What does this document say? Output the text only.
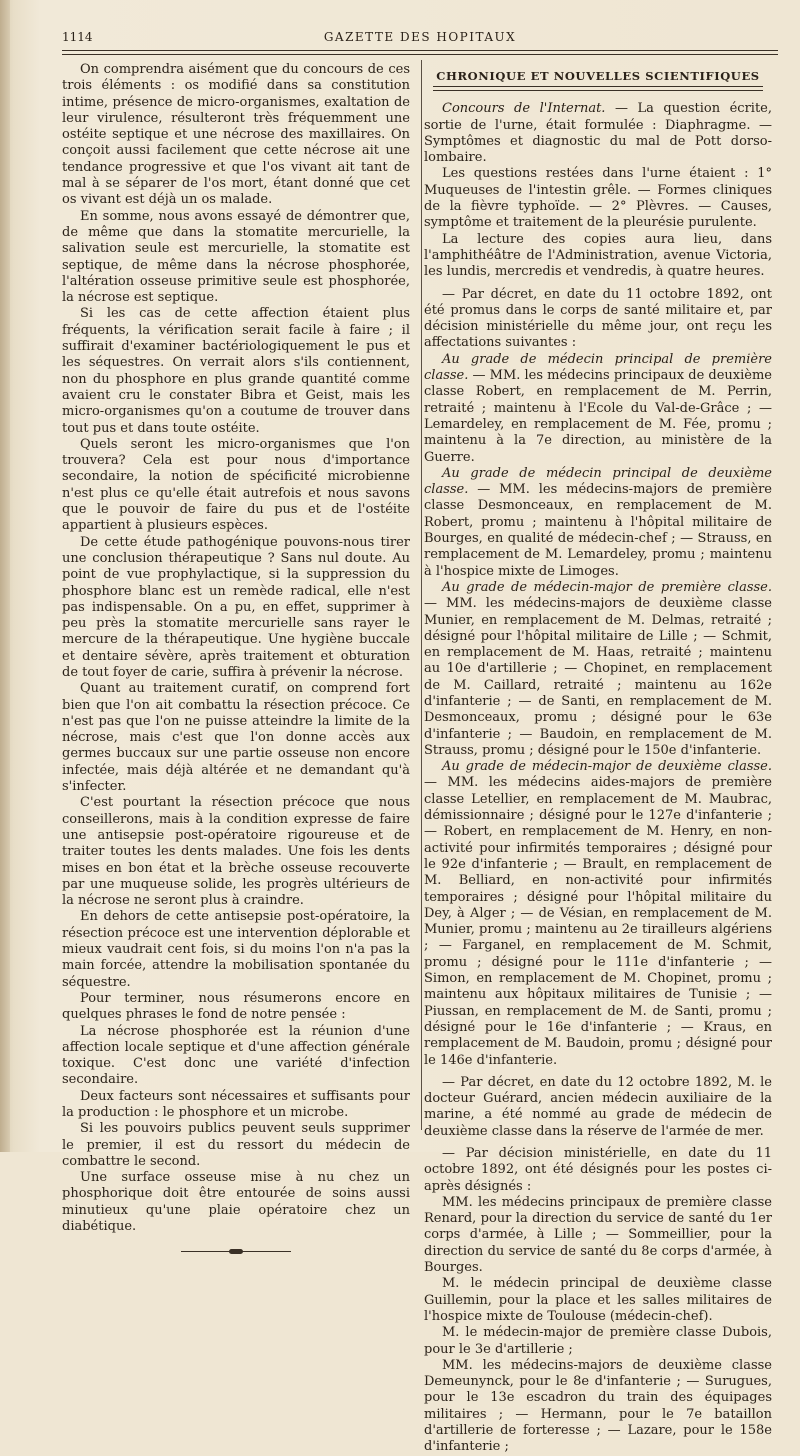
1114	GAZETTE DES HOPITAUX

On comprendra aisément que du concours de ces trois éléments : os modifié dans sa constitution intime, présence de micro-organismes, exaltation de leur virulence, résulteront très fréquemment une ostéite septique et une nécrose des maxillaires. On conçoit aussi facilement que cette nécrose ait une tendance progressive et que l'os vivant ait tant de mal à se séparer de l'os mort, étant donné que cet os vivant est déjà un os malade.

En somme, nous avons essayé de démontrer que, de même que dans la stomatite mercurielle, la salivation seule est mercurielle, la stomatite est septique, de même dans la nécrose phosphorée, l'altération osseuse primitive seule est phosphorée, la nécrose est septique.

Si les cas de cette affection étaient plus fréquents, la vérification serait facile à faire ; il suffirait d'examiner bactériologiquement le pus et les séquestres. On verrait alors s'ils contiennent, non du phosphore en plus grande quantité comme avaient cru le constater Bibra et Geist, mais les micro-organismes qu'on a coutume de trouver dans tout pus et dans toute ostéite.

Quels seront les micro-organismes que l'on trouvera? Cela est pour nous d'importance secondaire, la notion de spécificité microbienne n'est plus ce qu'elle était autrefois et nous savons que le pouvoir de faire du pus et de l'ostéite appartient à plusieurs espèces.

De cette étude pathogénique pouvons-nous tirer une conclusion thérapeutique ? Sans nul doute. Au point de vue prophylactique, si la suppression du phosphore blanc est un remède radical, elle n'est pas indispensable. On a pu, en effet, supprimer à peu près la stomatite mercurielle sans rayer le mercure de la thérapeutique. Une hygiène buccale et dentaire sévère, après traitement et obturation de tout foyer de carie, suffira à prévenir la nécrose.

Quant au traitement curatif, on comprend fort bien que l'on ait combattu la résection précoce. Ce n'est pas que l'on ne puisse atteindre la limite de la nécrose, mais c'est que l'on donne accès aux germes buccaux sur une partie osseuse non encore infectée, mais déjà altérée et ne demandant qu'à s'infecter.

C'est pourtant la résection précoce que nous conseillerons, mais à la condition expresse de faire une antisepsie post-opératoire rigoureuse et de traiter toutes les dents malades. Une fois les dents mises en bon état et la brèche osseuse recouverte par une muqueuse solide, les progrès ultérieurs de la nécrose ne seront plus à craindre.

En dehors de cette antisepsie post-opératoire, la résection précoce est une intervention déplorable et mieux vaudrait cent fois, si du moins l'on n'a pas la main forcée, attendre la mobilisation spontanée du séquestre.

Pour terminer, nous résumerons encore en quelques phrases le fond de notre pensée :

La nécrose phosphorée est la réunion d'une affection locale septique et d'une affection générale toxique. C'est donc une variété d'infection secondaire.

Deux facteurs sont nécessaires et suffisants pour la production : le phosphore et un microbe.

Si les pouvoirs publics peuvent seuls supprimer le premier, il est du ressort du médecin de combattre le second.

Une surface osseuse mise à nu chez un phosphorique doit être entourée de soins aussi minutieux qu'une plaie opératoire chez un diabétique.

CHRONIQUE ET NOUVELLES SCIENTIFIQUES

Concours de l'Internat. — La question écrite, sortie de l'urne, était formulée : Diaphragme. — Symptômes et diagnostic du mal de Pott dorso-lombaire.

Les questions restées dans l'urne étaient : 1° Muqueuses de l'intestin grêle. — Formes cliniques de la fièvre typhoïde. — 2° Plèvres. — Causes, symptôme et traitement de la pleurésie purulente.

La lecture des copies aura lieu, dans l'amphithéâtre de l'Administration, avenue Victoria, les lundis, mercredis et vendredis, à quatre heures.

— Par décret, en date du 11 octobre 1892, ont été promus dans le corps de santé militaire et, par décision ministérielle du même jour, ont reçu les affectations suivantes :

Au grade de médecin principal de première classe. — MM. les médecins principaux de deuxième classe Robert, en remplacement de M. Perrin, retraité ; maintenu à l'Ecole du Val-de-Grâce ; — Lemardeley, en remplacement de M. Fée, promu ; maintenu à la 7e direction, au ministère de la Guerre.

Au grade de médecin principal de deuxième classe. — MM. les médecins-majors de première classe Desmonceaux, en remplacement de M. Robert, promu ; maintenu à l'hôpital militaire de Bourges, en qualité de médecin-chef ; — Strauss, en remplacement de M. Lemardeley, promu ; maintenu à l'hospice mixte de Limoges.

Au grade de médecin-major de première classe. — MM. les médecins-majors de deuxième classe Munier, en remplacement de M. Delmas, retraité ; désigné pour l'hôpital militaire de Lille ; — Schmit, en remplacement de M. Haas, retraité ; maintenu au 10e d'artillerie ; — Chopinet, en remplacement de M. Caillard, retraité ; maintenu au 162e d'infanterie ; — de Santi, en remplacement de M. Desmonceaux, promu ; désigné pour le 63e d'infanterie ; — Baudoin, en remplacement de M. Strauss, promu ; désigné pour le 150e d'infanterie.

Au grade de médecin-major de deuxième classe. — MM. les médecins aides-majors de première classe Letellier, en remplacement de M. Maubrac, démissionnaire ; désigné pour le 127e d'infanterie ; — Robert, en remplacement de M. Henry, en non-activité pour infirmités temporaires ; désigné pour le 92e d'infanterie ; — Brault, en remplacement de M. Belliard, en non-activité pour infirmités temporaires ; désigné pour l'hôpital militaire du Dey, à Alger ; — de Vésian, en remplacement de M. Munier, promu ; maintenu au 2e tirailleurs algériens ; — Farganel, en remplacement de M. Schmit, promu ; désigné pour le 111e d'infanterie ; — Simon, en remplacement de M. Chopinet, promu ; maintenu aux hôpitaux militaires de Tunisie ; — Piussan, en remplacement de M. de Santi, promu ; désigné pour le 16e d'infanterie ; — Kraus, en remplacement de M. Baudoin, promu ; désigné pour le 146e d'infanterie.

— Par décret, en date du 12 octobre 1892, M. le docteur Guérard, ancien médecin auxiliaire de la marine, a été nommé au grade de médecin de deuxième classe dans la réserve de l'armée de mer.

— Par décision ministérielle, en date du 11 octobre 1892, ont été désignés pour les postes ci-après désignés :

MM. les médecins principaux de première classe Renard, pour la direction du service de santé du 1er corps d'armée, à Lille ; — Sommeillier, pour la direction du service de santé du 8e corps d'armée, à Bourges.

M. le médecin principal de deuxième classe Guillemin, pour la place et les salles militaires de l'hospice mixte de Toulouse (médecin-chef).

M. le médecin-major de première classe Dubois, pour le 3e d'artillerie ;

MM. les médecins-majors de deuxième classe Demeunynck, pour le 8e d'infanterie ; — Surugues, pour le 13e escadron du train des équipages militaires ; — Hermann, pour le 7e bataillon d'artillerie de forteresse ; — Lazare, pour le 158e d'infanterie ;
